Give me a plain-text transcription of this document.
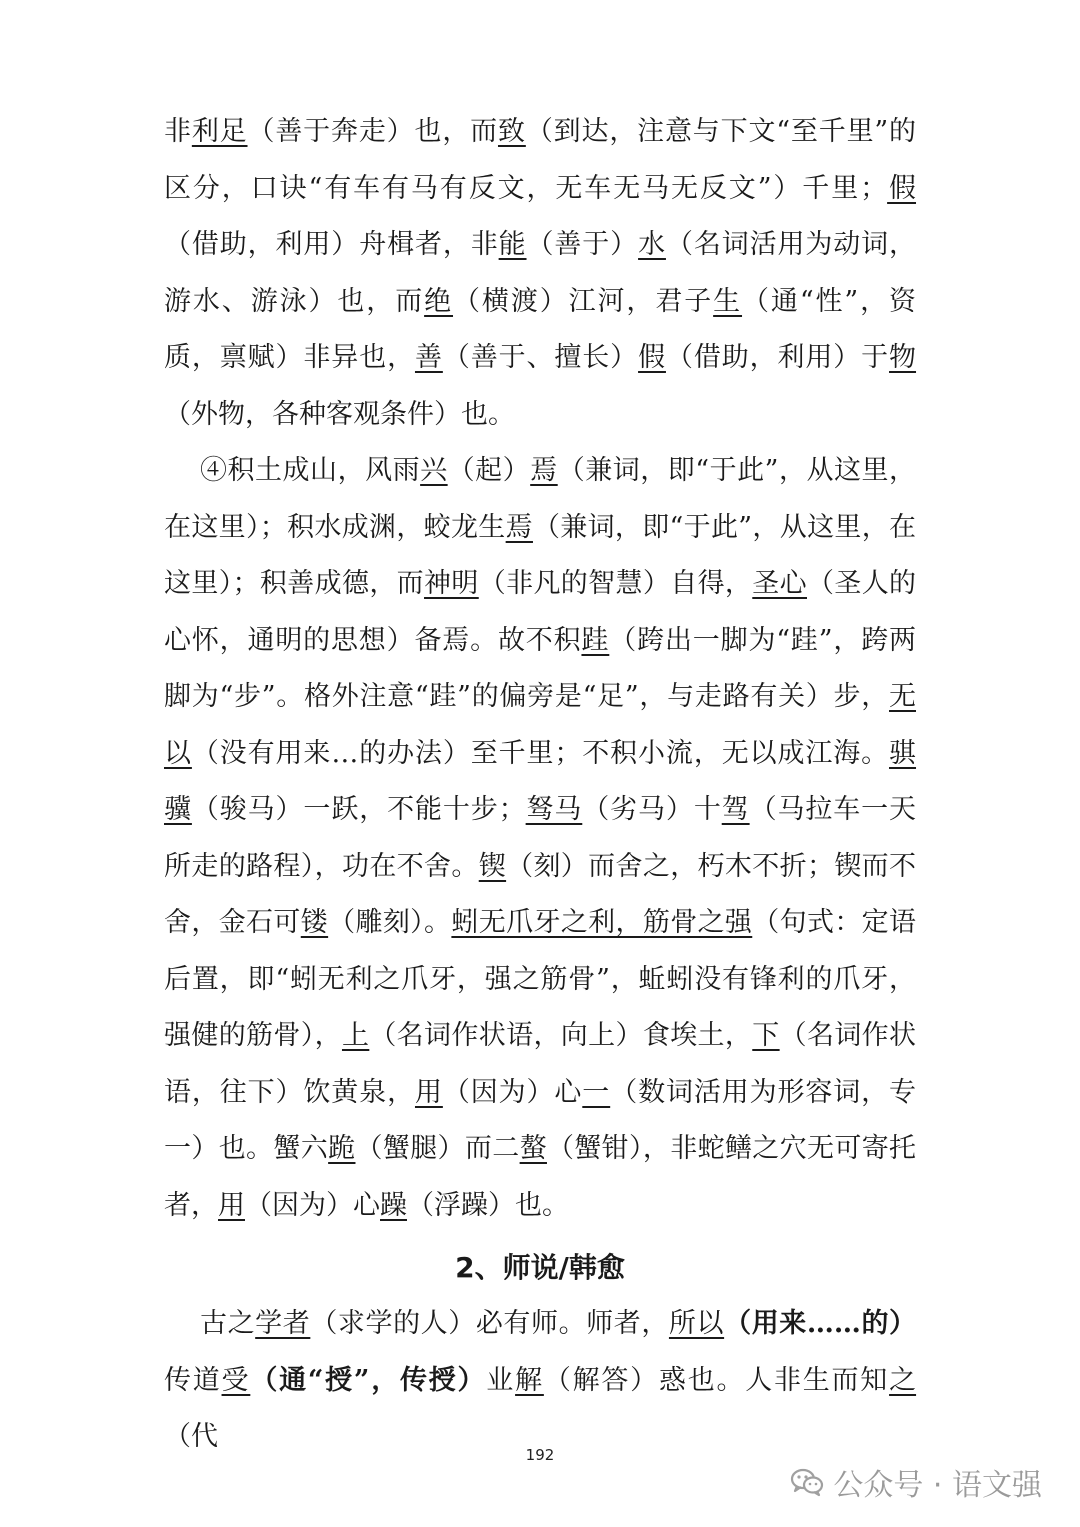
非利足（善于奔走）也，而致（到达，注意与下文“至千里”的区分，口诀“有车有马有反文，无车无马无反文”）千里；假（借助，利用）舟楫者，非能（善于）水（名词活用为动词，游水、游泳）也，而绝（横渡）江河，君子生（通“性”，资质，禀赋）非异也，善（善于、擅长）假（借助，利用）于物（外物，各种客观条件）也。

④积土成山，风雨兴（起）焉（兼词，即“于此”，从这里，在这里）；积水成渊，蛟龙生焉（兼词，即“于此”，从这里，在这里）；积善成德，而神明（非凡的智慧）自得，圣心（圣人的心怀，通明的思想）备焉。故不积跬（跨出一脚为“跬”，跨两脚为“步”。格外注意“跬”的偏旁是“足”，与走路有关）步，无以（没有用来…的办法）至千里；不积小流，无以成江海。骐骥（骏马）一跃，不能十步；驽马（劣马）十驾（马拉车一天所走的路程），功在不舍。锲（刻）而舍之，朽木不折；锲而不舍，金石可镂（雕刻）。蚓无爪牙之利，筋骨之强（句式：定语后置，即“蚓无利之爪牙，强之筋骨”，蚯蚓没有锋利的爪牙，强健的筋骨），上（名词作状语，向上）食埃土，下（名词作状语，往下）饮黄泉，用（因为）心一（数词活用为形容词，专一）也。蟹六跪（蟹腿）而二螯（蟹钳），非蛇鳝之穴无可寄托者，用（因为）心躁（浮躁）也。

2、师说/韩愈

古之学者（求学的人）必有师。师者，所以（用来……的）传道受（通“授”，传授）业解（解答）惑也。人非生而知之（代

192
公众号 · 语文强
